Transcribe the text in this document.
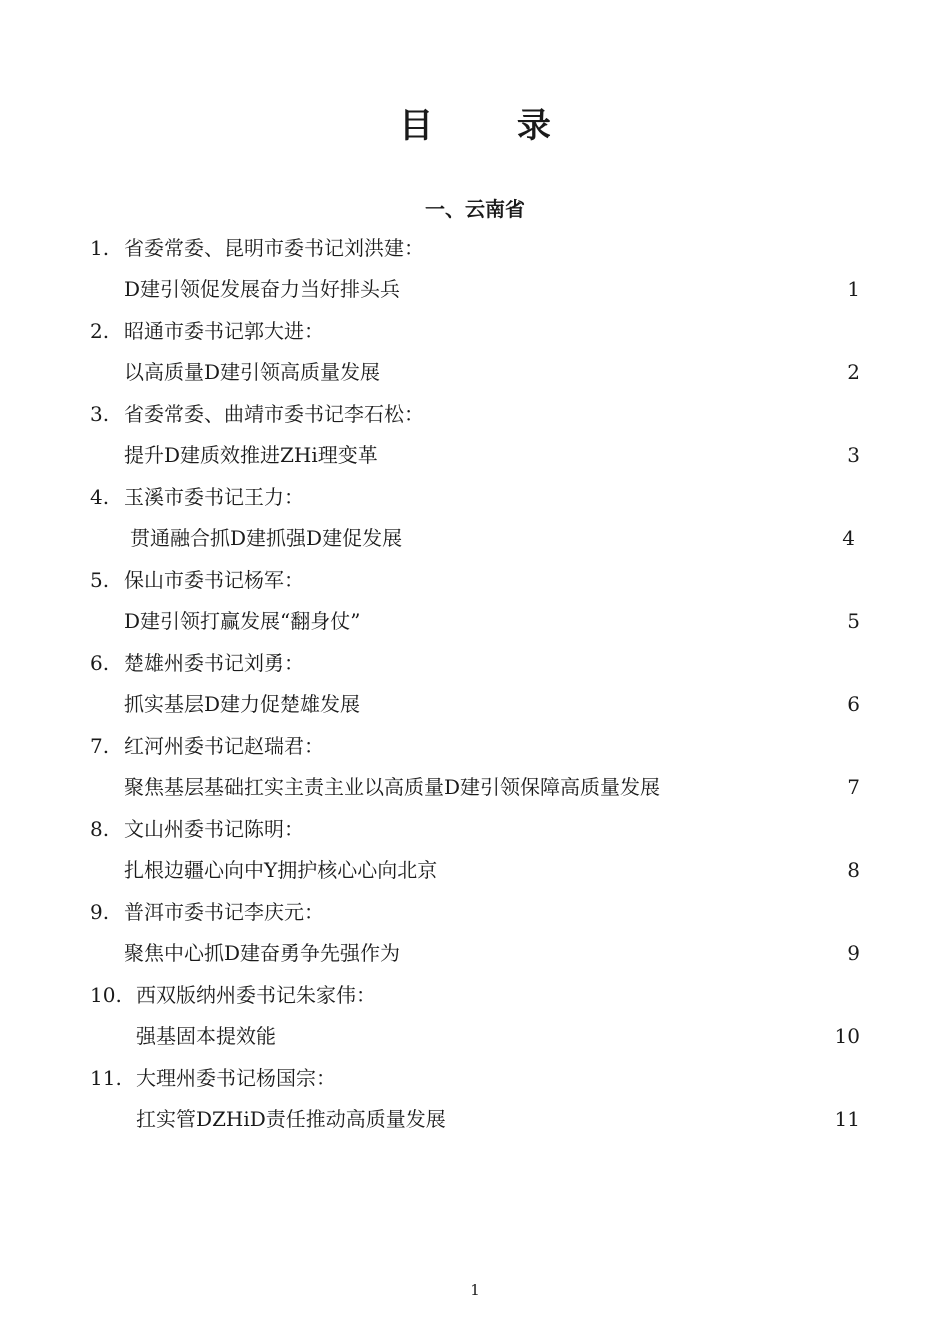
目 录
一、云南省
1. 省委常委、昆明市委书记刘洪建：
D建引领促发展奋力当好排头兵	1
2. 昭通市委书记郭大进：
以高质量D建引领高质量发展	2
3. 省委常委、曲靖市委书记李石松：
提升D建质效推进ZHi理变革	3
4. 玉溪市委书记王力：
贯通融合抓D建抓强D建促发展	4
5. 保山市委书记杨军：
D建引领打赢发展“翻身仗”	5
6. 楚雄州委书记刘勇：
抓实基层D建力促楚雄发展	6
7. 红河州委书记赵瑞君：
聚焦基层基础扛实主责主业以高质量D建引领保障高质量发展	7
8. 文山州委书记陈明：
扎根边疆心向中Y拥护核心心向北京	8
9. 普洱市委书记李庆元：
聚焦中心抓D建奋勇争先强作为	9
10. 西双版纳州委书记朱家伟：
强基固本提效能	10
11. 大理州委书记杨国宗：
扛实管DZHiD责任推动高质量发展	11
1
